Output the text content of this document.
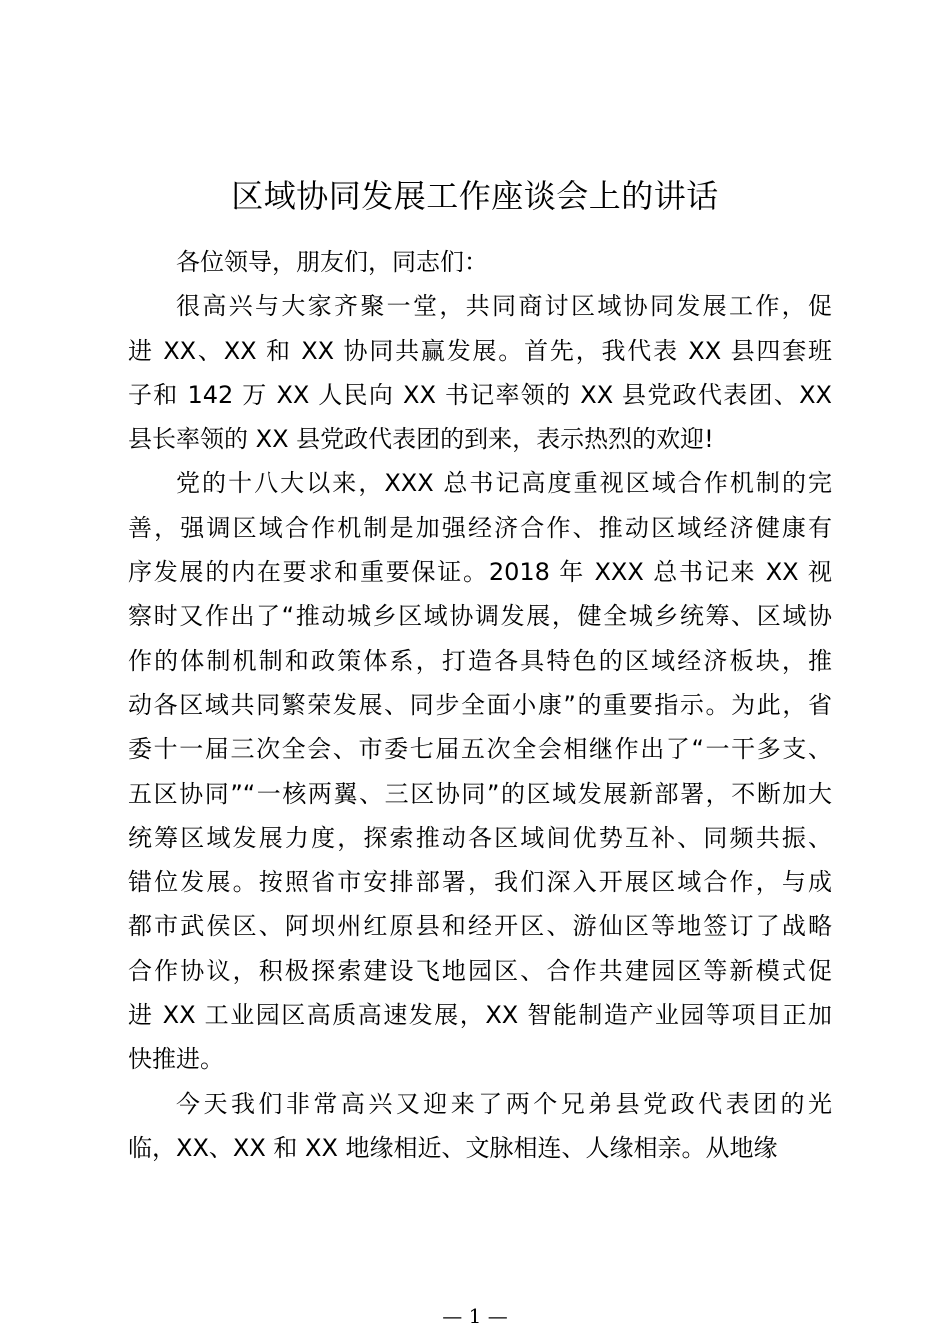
区域协同发展工作座谈会上的讲话
各位领导，朋友们，同志们：
很高兴与大家齐聚一堂，共同商讨区域协同发展工作，促
进 XX、XX 和 XX 协同共赢发展。首先，我代表 XX 县四套班
子和 142 万 XX 人民向 XX 书记率领的 XX 县党政代表团、XX
县长率领的 XX 县党政代表团的到来，表示热烈的欢迎!
党的十八大以来，XXX 总书记高度重视区域合作机制的完
善，强调区域合作机制是加强经济合作、推动区域经济健康有
序发展的内在要求和重要保证。2018 年 XXX 总书记来 XX 视
察时又作出了“推动城乡区域协调发展，健全城乡统筹、区域协
作的体制机制和政策体系，打造各具特色的区域经济板块，推
动各区域共同繁荣发展、同步全面小康”的重要指示。为此，省
委十一届三次全会、市委七届五次全会相继作出了“一干多支、
五区协同”“一核两翼、三区协同”的区域发展新部署，不断加大
统筹区域发展力度，探索推动各区域间优势互补、同频共振、
错位发展。按照省市安排部署，我们深入开展区域合作，与成
都市武侯区、阿坝州红原县和经开区、游仙区等地签订了战略
合作协议，积极探索建设飞地园区、合作共建园区等新模式促
进 XX 工业园区高质高速发展，XX 智能制造产业园等项目正加
快推进。
今天我们非常高兴又迎来了两个兄弟县党政代表团的光
临，XX、XX 和 XX 地缘相近、文脉相连、人缘相亲。从地缘
— 1 —
